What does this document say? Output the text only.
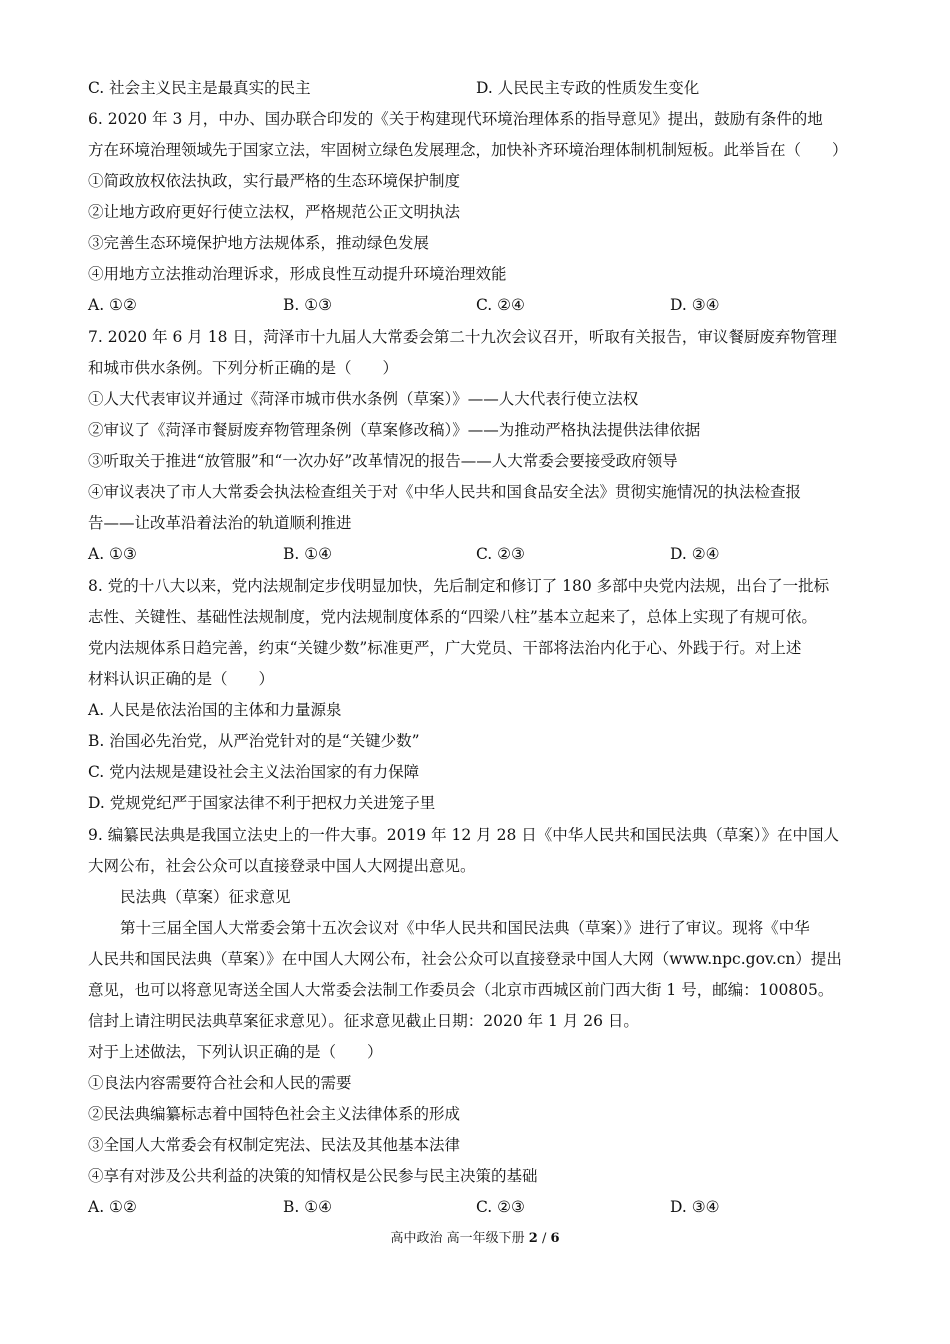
C. 社会主义民主是最真实的民主	D. 人民民主专政的性质发生变化
6. 2020 年 3 月，中办、国办联合印发的《关于构建现代环境治理体系的指导意见》提出，鼓励有条件的地
方在环境治理领域先于国家立法，牢固树立绿色发展理念，加快补齐环境治理体制机制短板。此举旨在（　　）
①简政放权依法执政，实行最严格的生态环境保护制度
②让地方政府更好行使立法权，严格规范公正文明执法
③完善生态环境保护地方法规体系，推动绿色发展
④用地方立法推动治理诉求，形成良性互动提升环境治理效能
A. ①②	B. ①③	C. ②④	D. ③④
7. 2020 年 6 月 18 日，菏泽市十九届人大常委会第二十九次会议召开，听取有关报告，审议餐厨废弃物管理
和城市供水条例。下列分析正确的是（　　）
①人大代表审议并通过《菏泽市城市供水条例（草案）》——人大代表行使立法权
②审议了《菏泽市餐厨废弃物管理条例（草案修改稿）》——为推动严格执法提供法律依据
③听取关于推进“放管服”和“一次办好”改革情况的报告——人大常委会要接受政府领导
④审议表决了市人大常委会执法检查组关于对《中华人民共和国食品安全法》贯彻实施情况的执法检查报
告——让改革沿着法治的轨道顺利推进
A. ①③	B. ①④	C. ②③	D. ②④
8. 党的十八大以来，党内法规制定步伐明显加快，先后制定和修订了 180 多部中央党内法规，出台了一批标
志性、关键性、基础性法规制度，党内法规制度体系的“四梁八柱”基本立起来了，总体上实现了有规可依。
党内法规体系日趋完善，约束“关键少数”标准更严，广大党员、干部将法治内化于心、外践于行。对上述
材料认识正确的是（　　）
A. 人民是依法治国的主体和力量源泉
B. 治国必先治党，从严治党针对的是“关键少数”
C. 党内法规是建设社会主义法治国家的有力保障
D. 党规党纪严于国家法律不利于把权力关进笼子里
9. 编纂民法典是我国立法史上的一件大事。2019 年 12 月 28 日《中华人民共和国民法典（草案）》在中国人
大网公布，社会公众可以直接登录中国人大网提出意见。
民法典（草案）征求意见
第十三届全国人大常委会第十五次会议对《中华人民共和国民法典（草案）》进行了审议。现将《中华
人民共和国民法典（草案）》在中国人大网公布，社会公众可以直接登录中国人大网（www.npc.gov.cn）提出
意见，也可以将意见寄送全国人大常委会法制工作委员会（北京市西城区前门西大街 1 号，邮编：100805。
信封上请注明民法典草案征求意见）。征求意见截止日期：2020 年 1 月 26 日。
对于上述做法，下列认识正确的是（　　）
①良法内容需要符合社会和人民的需要
②民法典编纂标志着中国特色社会主义法律体系的形成
③全国人大常委会有权制定宪法、民法及其他基本法律
④享有对涉及公共利益的决策的知情权是公民参与民主决策的基础
A. ①②	B. ①④	C. ②③	D. ③④
高中政治 高一年级下册 2 / 6
